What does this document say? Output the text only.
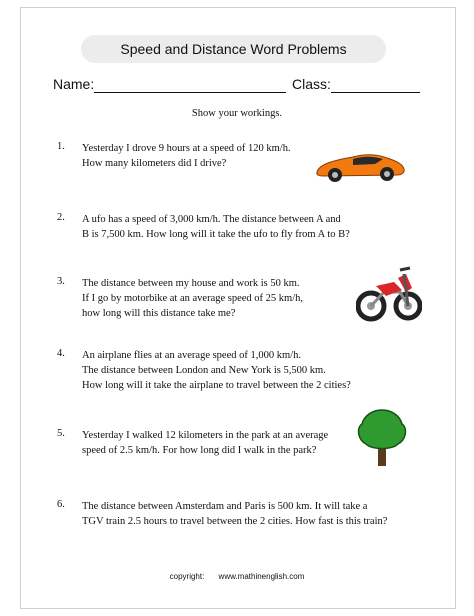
Speed and Distance Word Problems
Name:	Class:
Show your workings.
1. Yesterday I drove 9 hours at a speed of 120 km/h.
How many kilometers did I drive?
2. A ufo has a speed of 3,000 km/h. The distance between A and
B is 7,500 km. How long will it take the ufo to fly from A to B?
3. The distance between my house and work is 50 km.
If I go by motorbike at an average speed of 25 km/h,
how long will this distance take me?
4. An airplane flies at an average speed of 1,000 km/h.
The distance between London and New York is 5,500 km.
How long will it take the airplane to travel between the 2 cities?
5. Yesterday I walked 12 kilometers in the park at an average
speed of 2.5 km/h. For how long did I walk in the park?
6. The distance between Amsterdam and Paris is 500 km. It will take a
TGV train 2.5 hours to travel between the 2 cities. How fast is this train?
copyright: www.mathinenglish.com
